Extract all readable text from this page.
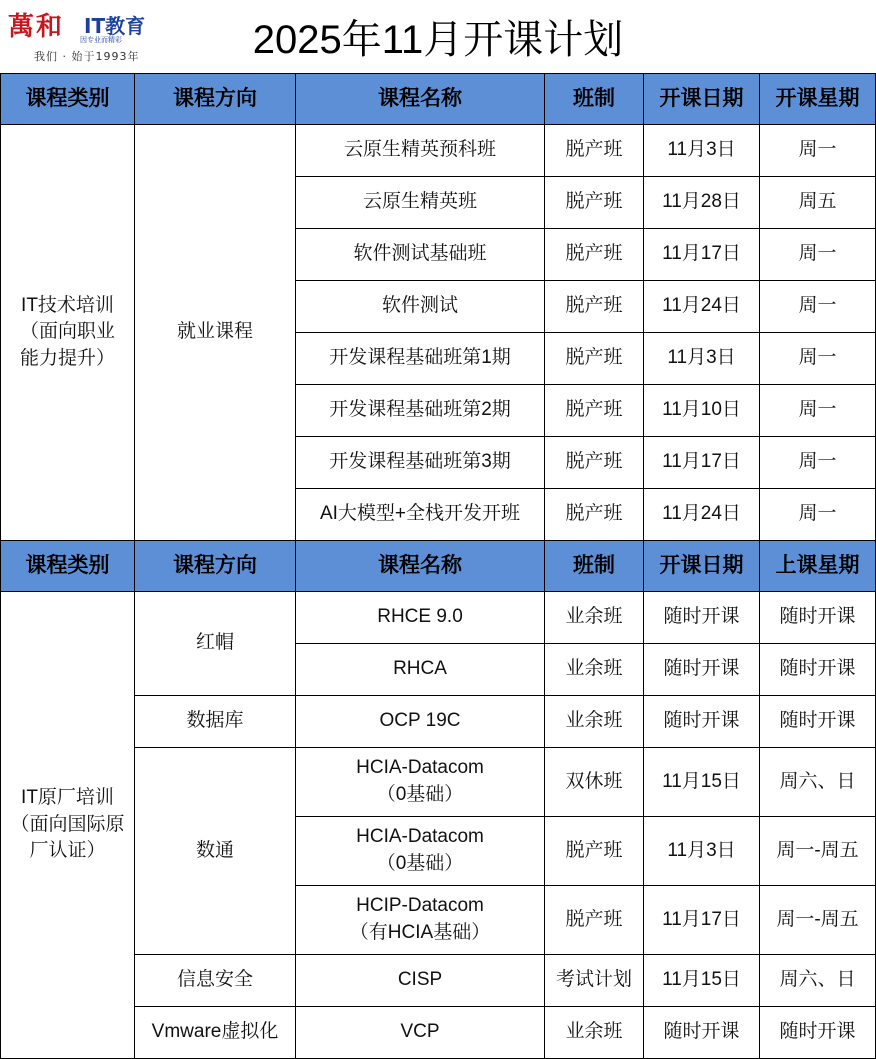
萬和 IT教育
因专业而精彩
我们 · 始于1993年	2025年11月开课计划
课程类别	课程方向	课程名称	班制	开课日期	开课星期

IT技术培训
（面向职业
能力提升）	就业课程	云原生精英预科班	脱产班	11月3日	周一
		云原生精英班	脱产班	11月28日	周五
		软件测试基础班	脱产班	11月17日	周一
		软件测试	脱产班	11月24日	周一
		开发课程基础班第1期	脱产班	11月3日	周一
		开发课程基础班第2期	脱产班	11月10日	周一
		开发课程基础班第3期	脱产班	11月17日	周一
		AI大模型+全栈开发开班	脱产班	11月24日	周一
课程类别	课程方向	课程名称	班制	开课日期	上课星期

IT原厂培训
（面向国际原
厂认证）	红帽	RHCE 9.0	业余班	随时开课	随时开课
		RHCA	业余班	随时开课	随时开课
	数据库	OCP 19C	业余班	随时开课	随时开课
	数通	HCIA-Datacom
（0基础）	双休班	11月15日	周六、日

		HCIA-Datacom
（0基础）	脱产班	11月3日	周一-周五

		HCIP-Datacom
（有HCIA基础）	脱产班	11月17日	周一-周五
	信息安全	CISP	考试计划	11月15日	周六、日
	Vmware虚拟化	VCP	业余班	随时开课	随时开课
